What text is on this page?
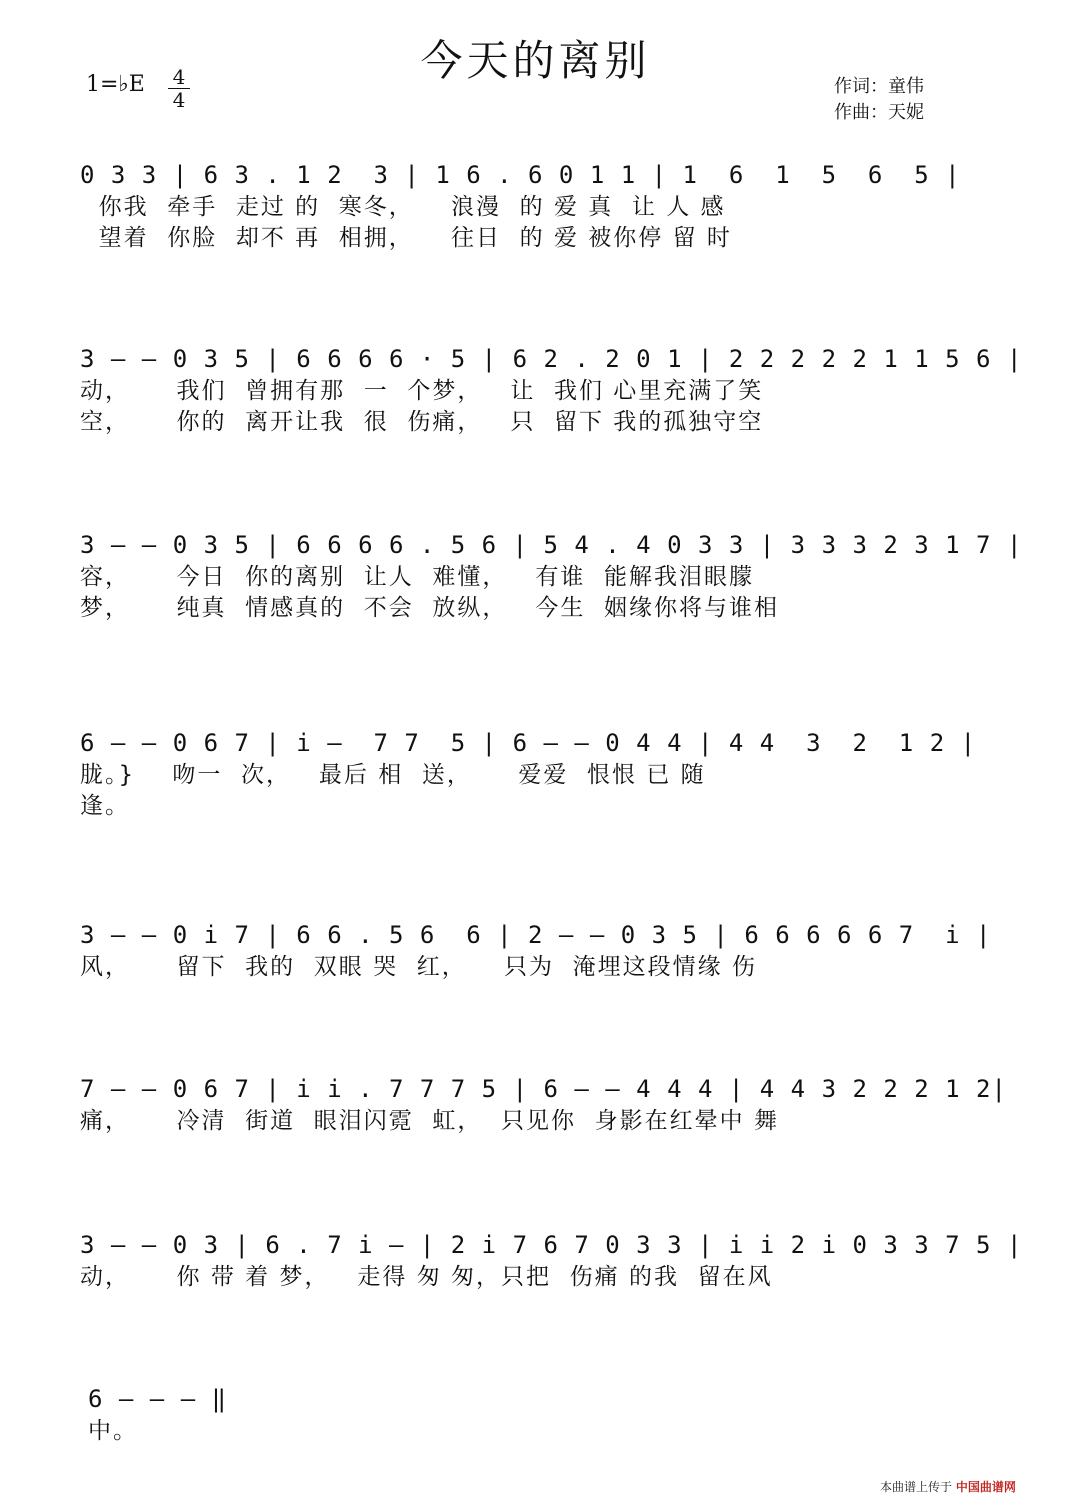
今天的离别
1=♭E 4
4
作词：童伟
作曲：天妮
0 3 3 | 6 3 . 1 2  3 | 1 6 . 6 0 1 1 | 1  6  1  5  6  5 |
你我  牵手  走过 的  寒冬，    浪漫  的 爱 真  让 人 感
望着  你脸  却不 再  相拥，    往日  的 爱 被你停 留 时
3 — — 0 3 5 | 6 6 6 6 · 5 | 6 2 . 2 0 1 | 2 2 2 2 2 1 1 5 6 |
动，     我们  曾拥有那  一  个梦，   让  我们 心里充满了笑
空，     你的  离开让我  很  伤痛，   只  留下 我的孤独守空
3 — — 0 3 5 | 6 6 6 6 . 5 6 | 5 4 . 4 0 3 3 | 3 3 3 2 3 1 7 |
容，     今日  你的离别  让人  难懂，   有谁  能解我泪眼朦
梦，     纯真  情感真的  不会  放纵，   今生  姻缘你将与谁相
6 — — 0 6 7 | i —  7 7  5 | 6 — — 0 4 4 | 4 4  3  2  1 2 |
胧。}    吻一  次，   最后 相  送，     爱爱  恨恨 已 随
逢。
3 — — 0 i 7 | 6 6 . 5 6  6 | 2 — — 0 3 5 | 6 6 6 6 6 7  i |
风，     留下  我的  双眼 哭  红，    只为  淹埋这段情缘 伤
7 — — 0 6 7 | i i . 7 7 7 5 | 6 — — 4 4 4 | 4 4 3 2 2 2 1 2|
痛，     冷清  街道  眼泪闪霓  虹，  只见你  身影在红晕中 舞
3 — — 0 3 | 6 . 7 i — | 2 i 7 6 7 0 3 3 | i i 2 i 0 3 3 7 5 |
动，     你 带 着 梦，   走得 匆 匆，只把  伤痛 的我  留在风
6 — — — ‖
中。
本曲谱上传于 中国曲谱网
